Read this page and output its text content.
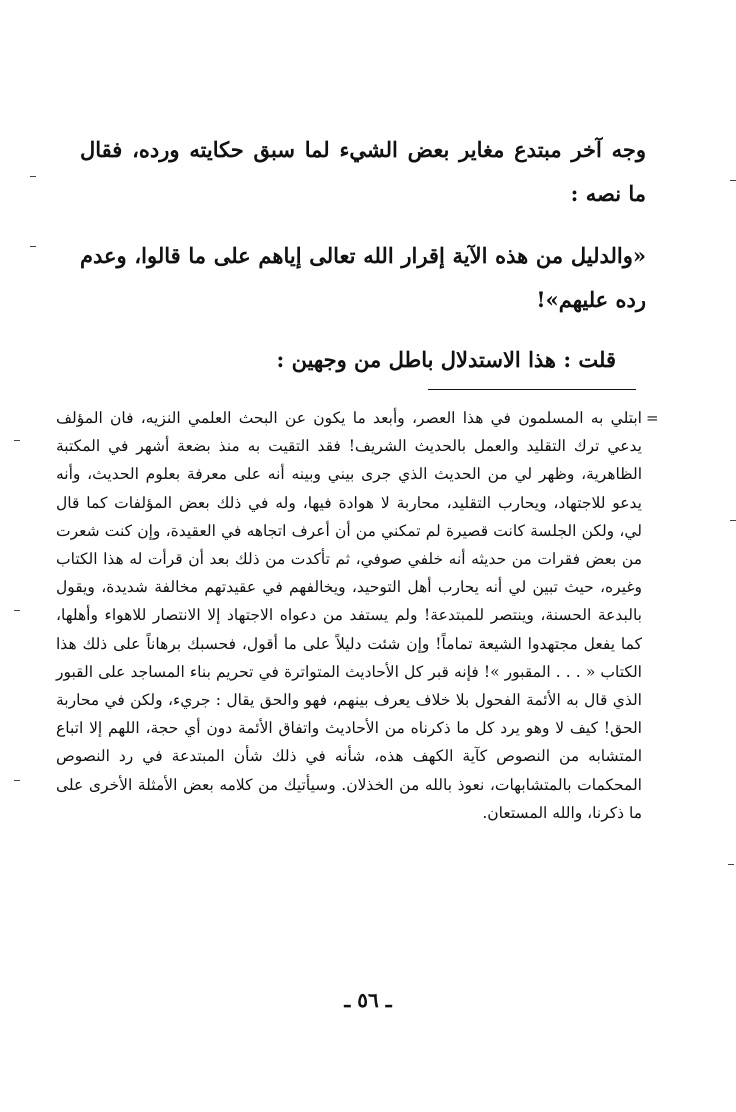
وجه آخر مبتدع مغاير بعض الشيء لما سبق حكايته ورده، فقال ما نصه :

«والدليل من هذه الآية إقرار الله تعالى إياهم على ما قالوا، وعدم رده عليهم»!

قلت : هذا الاستدلال باطل من وجهين :

=

ابتلي به المسلمون في هذا العصر، وأبعد ما يكون عن البحث العلمي النزيه، فان المؤلف يدعي ترك التقليد والعمل بالحديث الشريف! فقد التقيت به منذ بضعة أشهر في المكتبة الظاهرية، وظهر لي من الحديث الذي جرى بيني وبينه أنه على معرفة بعلوم الحديث، وأنه يدعو للاجتهاد، ويحارب التقليد، محاربة لا هوادة فيها، وله في ذلك بعض المؤلفات كما قال لي، ولكن الجلسة كانت قصيرة لم تمكني من أن أعرف اتجاهه في العقيدة، وإن كنت شعرت من بعض فقرات من حديثه أنه خلفي صوفي، ثم تأكدت من ذلك بعد أن قرأت له هذا الكتاب وغيره، حيث تبين لي أنه يحارب أهل التوحيد، ويخالفهم في عقيدتهم مخالفة شديدة، ويقول بالبدعة الحسنة، وينتصر للمبتدعة! ولم يستفد من دعواه الاجتهاد إلا الانتصار للاهواء وأهلها، كما يفعل مجتهدوا الشيعة تماماً! وإن شئت دليلاً على ما أقول، فحسبك برهاناً على ذلك هذا الكتاب « . . . المقبور »! فإنه قبر كل الأحاديث المتواترة في تحريم بناء المساجد على القبور الذي قال به الأئمة الفحول بلا خلاف يعرف بينهم، فهو والحق يقال : جريء، ولكن في محاربة الحق! كيف لا وهو يرد كل ما ذكرناه من الأحاديث واتفاق الأئمة دون أي حجة، اللهم إلا اتباع المتشابه من النصوص كآية الكهف هذه، شأنه في ذلك شأن المبتدعة في رد النصوص المحكمات بالمتشابهات، نعوذ بالله من الخذلان. وسيأتيك من كلامه بعض الأمثلة الأخرى على ما ذكرنا، والله المستعان.

ـ ٥٦ ـ
